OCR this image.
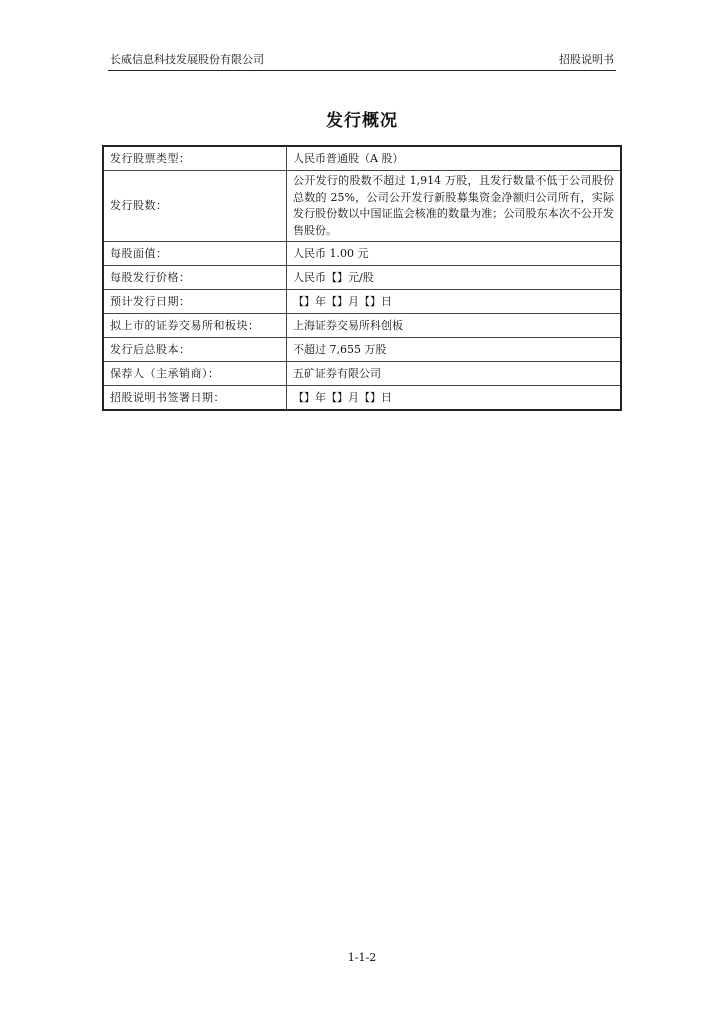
长威信息科技发展股份有限公司	招股说明书
发行概况
发行股票类型：	人民币普通股（A 股）
发行股数：	公开发行的股数不超过 1,914 万股，且发行数量不低于公司股份总数的 25%，公司公开发行新股募集资金净额归公司所有，实际发行股份数以中国证监会核准的数量为准；公司股东本次不公开发售股份。
每股面值：	人民币 1.00 元
每股发行价格：	人民币【】元/股
预计发行日期：	【】年【】月【】日
拟上市的证券交易所和板块：	上海证券交易所科创板
发行后总股本：	不超过 7,655 万股
保荐人（主承销商）：	五矿证券有限公司
招股说明书签署日期：	【】年【】月【】日
1-1-2
